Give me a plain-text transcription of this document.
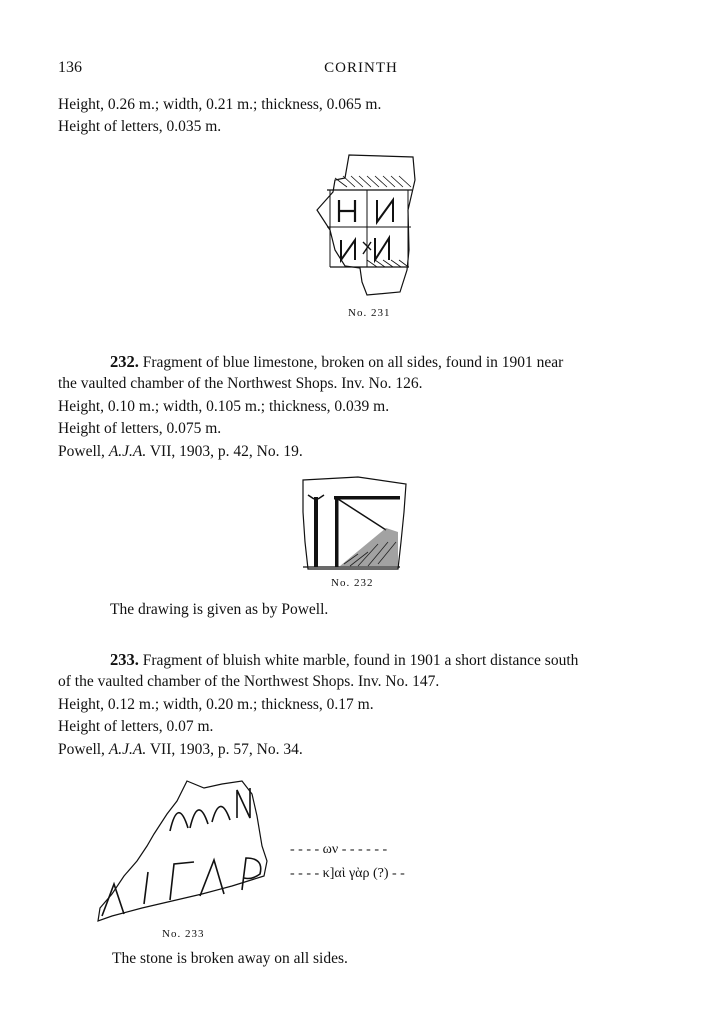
136	CORINTH
Height, 0.26 m.; width, 0.21 m.; thickness, 0.065 m.
Height of letters, 0.035 m.
No. 231
232. Fragment of blue limestone, broken on all sides, found in 1901 near
the vaulted chamber of the Northwest Shops. Inv. No. 126.
Height, 0.10 m.; width, 0.105 m.; thickness, 0.039 m.
Height of letters, 0.075 m.
Powell, A.J.A. VII, 1903, p. 42, No. 19.
No. 232
The drawing is given as by Powell.
233. Fragment of bluish white marble, found in 1901 a short distance south
of the vaulted chamber of the Northwest Shops. Inv. No. 147.
Height, 0.12 m.; width, 0.20 m.; thickness, 0.17 m.
Height of letters, 0.07 m.
Powell, A.J.A. VII, 1903, p. 57, No. 34.
- - - - ων - - - - - -
- - - - κ]αὶ γὰρ (?) - -
No. 233
The stone is broken away on all sides.
